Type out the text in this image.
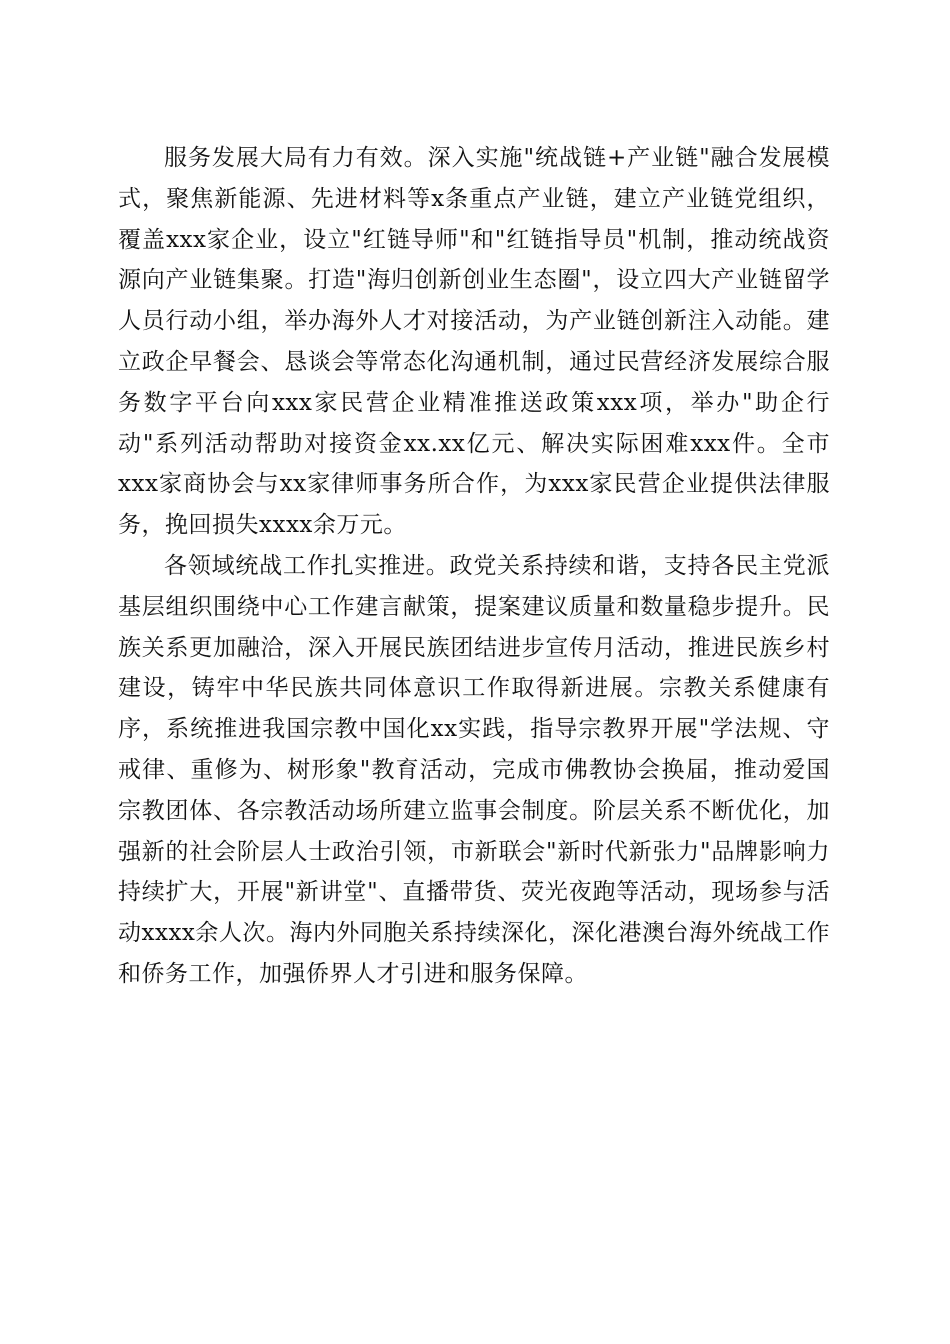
服务发展大局有力有效。深入实施"统战链+产业链"融合发展模式，聚焦新能源、先进材料等x条重点产业链，建立产业链党组织，覆盖xxx家企业，设立"红链导师"和"红链指导员"机制，推动统战资源向产业链集聚。打造"海归创新创业生态圈"，设立四大产业链留学人员行动小组，举办海外人才对接活动，为产业链创新注入动能。建立政企早餐会、恳谈会等常态化沟通机制，通过民营经济发展综合服务数字平台向xxx家民营企业精准推送政策xxx项，举办"助企行动"系列活动帮助对接资金xx.xx亿元、解决实际困难xxx件。全市xxx家商协会与xx家律师事务所合作，为xxx家民营企业提供法律服务，挽回损失xxxx余万元。

各领域统战工作扎实推进。政党关系持续和谐，支持各民主党派基层组织围绕中心工作建言献策，提案建议质量和数量稳步提升。民族关系更加融洽，深入开展民族团结进步宣传月活动，推进民族乡村建设，铸牢中华民族共同体意识工作取得新进展。宗教关系健康有序，系统推进我国宗教中国化xx实践，指导宗教界开展"学法规、守戒律、重修为、树形象"教育活动，完成市佛教协会换届，推动爱国宗教团体、各宗教活动场所建立监事会制度。阶层关系不断优化，加强新的社会阶层人士政治引领，市新联会"新时代新张力"品牌影响力持续扩大，开展"新讲堂"、直播带货、荧光夜跑等活动，现场参与活动xxxx余人次。海内外同胞关系持续深化，深化港澳台海外统战工作和侨务工作，加强侨界人才引进和服务保障。
